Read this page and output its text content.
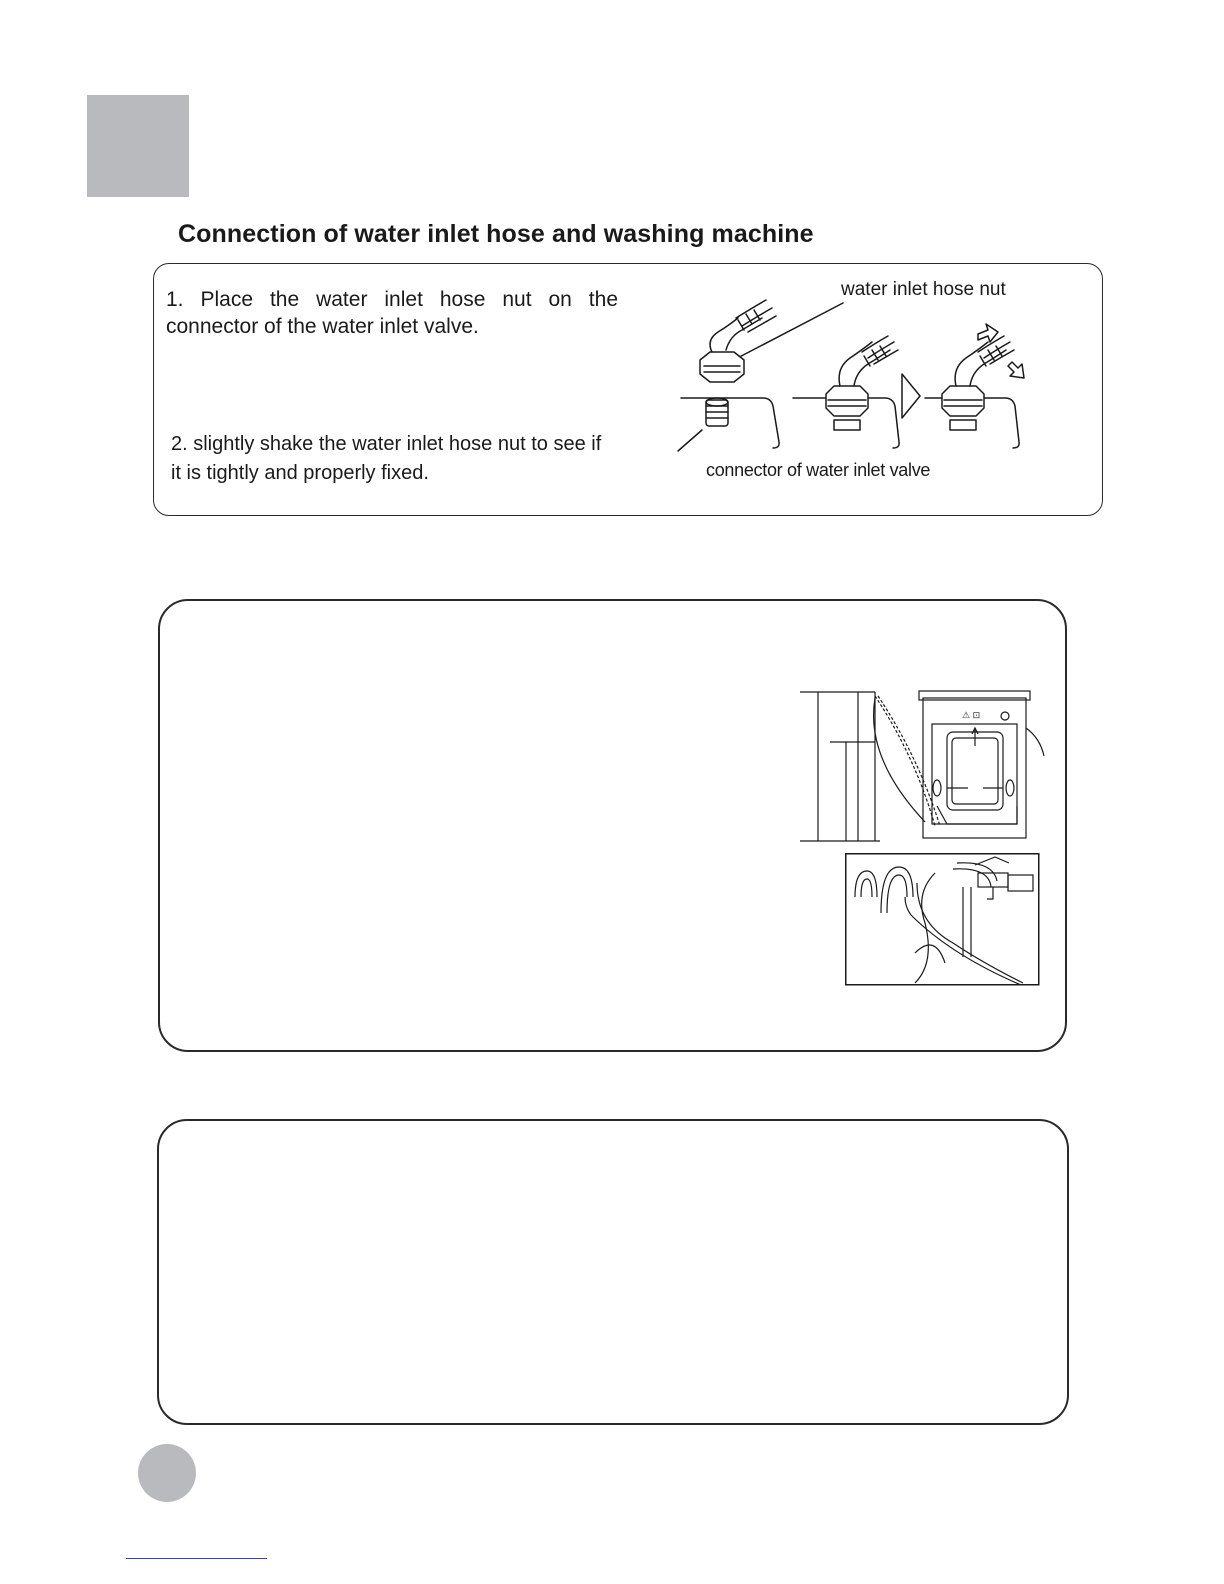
Connection of water inlet hose and washing machine
1. Place the water inlet hose nut on the
connector of the water inlet valve.
2. slightly shake the water inlet hose nut to see if
it is tightly and properly fixed.
water inlet hose nut
connector of water inlet valve
⚠ ⊡
